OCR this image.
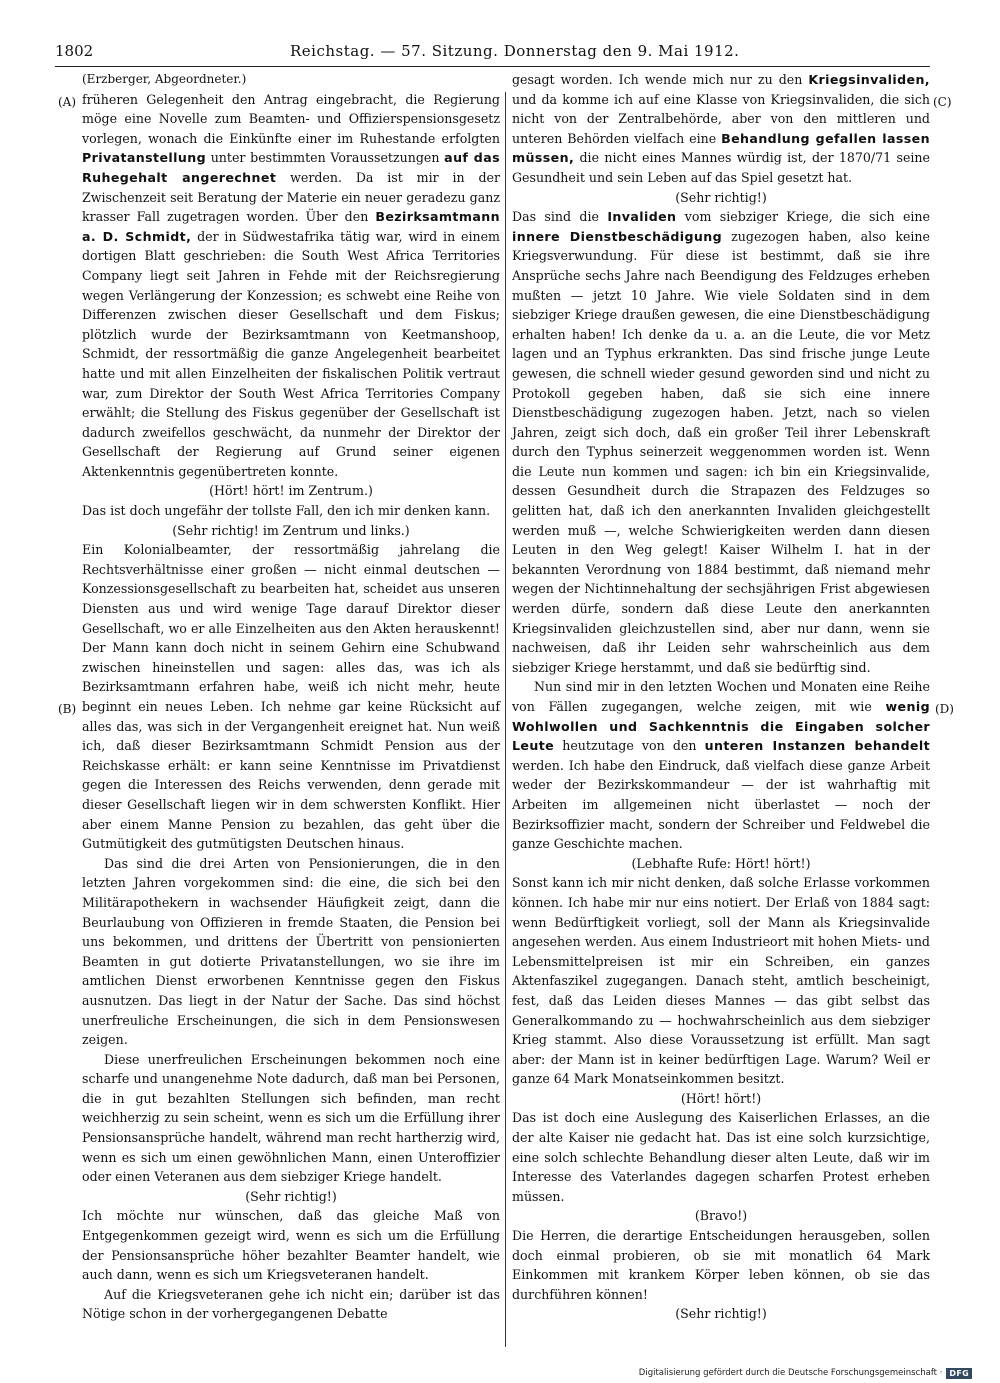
1802	Reichstag. — 57. Sitzung. Donnerstag den 9. Mai 1912.

(Erzberger, Abgeordneter.)

früheren Gelegenheit den Antrag eingebracht, die Regierung möge eine Novelle zum Beamten- und Offizierspensionsgesetz vorlegen, wonach die Einkünfte einer im Ruhestande erfolgten Privatanstellung unter bestimmten Voraussetzungen auf das Ruhegehalt angerechnet werden. Da ist mir in der Zwischenzeit seit Beratung der Materie ein neuer geradezu ganz krasser Fall zugetragen worden. Über den Bezirksamtmann a. D. Schmidt, der in Südwestafrika tätig war, wird in einem dortigen Blatt geschrieben: die South West Africa Territories Company liegt seit Jahren in Fehde mit der Reichsregierung wegen Verlängerung der Konzession; es schwebt eine Reihe von Differenzen zwischen dieser Gesellschaft und dem Fiskus; plötzlich wurde der Bezirksamtmann von Keetmanshoop, Schmidt, der ressortmäßig die ganze Angelegenheit bearbeitet hatte und mit allen Einzelheiten der fiskalischen Politik vertraut war, zum Direktor der South West Africa Territories Company erwählt; die Stellung des Fiskus gegenüber der Gesellschaft ist dadurch zweifellos geschwächt, da nunmehr der Direktor der Gesellschaft der Regierung auf Grund seiner eigenen Aktenkenntnis gegenübertreten konnte.

(Hört! hört! im Zentrum.)

Das ist doch ungefähr der tollste Fall, den ich mir denken kann.

(Sehr richtig! im Zentrum und links.)

Ein Kolonialbeamter, der ressortmäßig jahrelang die Rechtsverhältnisse einer großen — nicht einmal deutschen — Konzessionsgesellschaft zu bearbeiten hat, scheidet aus unseren Diensten aus und wird wenige Tage darauf Direktor dieser Gesellschaft, wo er alle Einzelheiten aus den Akten herauskennt! Der Mann kann doch nicht in seinem Gehirn eine Schubwand zwischen hineinstellen und sagen: alles das, was ich als Bezirksamtmann erfahren habe, weiß ich nicht mehr, heute beginnt ein neues Leben. Ich nehme gar keine Rücksicht auf alles das, was sich in der Vergangenheit ereignet hat. Nun weiß ich, daß dieser Bezirksamtmann Schmidt Pension aus der Reichskasse erhält: er kann seine Kenntnisse im Privatdienst gegen die Interessen des Reichs verwenden, denn gerade mit dieser Gesellschaft liegen wir in dem schwersten Konflikt. Hier aber einem Manne Pension zu bezahlen, das geht über die Gutmütigkeit des gutmütigsten Deutschen hinaus.

Das sind die drei Arten von Pensionierungen, die in den letzten Jahren vorgekommen sind: die eine, die sich bei den Militärapothekern in wachsender Häufigkeit zeigt, dann die Beurlaubung von Offizieren in fremde Staaten, die Pension bei uns bekommen, und drittens der Übertritt von pensionierten Beamten in gut dotierte Privatanstellungen, wo sie ihre im amtlichen Dienst erworbenen Kenntnisse gegen den Fiskus ausnutzen. Das liegt in der Natur der Sache. Das sind höchst unerfreuliche Erscheinungen, die sich in dem Pensionswesen zeigen.

Diese unerfreulichen Erscheinungen bekommen noch eine scharfe und unangenehme Note dadurch, daß man bei Personen, die in gut bezahlten Stellungen sich befinden, man recht weichherzig zu sein scheint, wenn es sich um die Erfüllung ihrer Pensionsansprüche handelt, während man recht hartherzig wird, wenn es sich um einen gewöhnlichen Mann, einen Unteroffizier oder einen Veteranen aus dem siebziger Kriege handelt.

(Sehr richtig!)

Ich möchte nur wünschen, daß das gleiche Maß von Entgegenkommen gezeigt wird, wenn es sich um die Erfüllung der Pensionsansprüche höher bezahlter Beamter handelt, wie auch dann, wenn es sich um Kriegsveteranen handelt.

Auf die Kriegsveteranen gehe ich nicht ein; darüber ist das Nötige schon in der vorhergegangenen Debatte

gesagt worden. Ich wende mich nur zu den Kriegsinvaliden, und da komme ich auf eine Klasse von Kriegsinvaliden, die sich nicht von der Zentralbehörde, aber von den mittleren und unteren Behörden vielfach eine Behandlung gefallen lassen müssen, die nicht eines Mannes würdig ist, der 1870/71 seine Gesundheit und sein Leben auf das Spiel gesetzt hat.

(Sehr richtig!)

Das sind die Invaliden vom siebziger Kriege, die sich eine innere Dienstbeschädigung zugezogen haben, also keine Kriegsverwundung. Für diese ist bestimmt, daß sie ihre Ansprüche sechs Jahre nach Beendigung des Feldzuges erheben mußten — jetzt 10 Jahre. Wie viele Soldaten sind in dem siebziger Kriege draußen gewesen, die eine Dienstbeschädigung erhalten haben! Ich denke da u. a. an die Leute, die vor Metz lagen und an Typhus erkrankten. Das sind frische junge Leute gewesen, die schnell wieder gesund geworden sind und nicht zu Protokoll gegeben haben, daß sie sich eine innere Dienstbeschädigung zugezogen haben. Jetzt, nach so vielen Jahren, zeigt sich doch, daß ein großer Teil ihrer Lebenskraft durch den Typhus seinerzeit weggenommen worden ist. Wenn die Leute nun kommen und sagen: ich bin ein Kriegsinvalide, dessen Gesundheit durch die Strapazen des Feldzuges so gelitten hat, daß ich den anerkannten Invaliden gleichgestellt werden muß —, welche Schwierigkeiten werden dann diesen Leuten in den Weg gelegt! Kaiser Wilhelm I. hat in der bekannten Verordnung von 1884 bestimmt, daß niemand mehr wegen der Nichtinnehaltung der sechsjährigen Frist abgewiesen werden dürfe, sondern daß diese Leute den anerkannten Kriegsinvaliden gleichzustellen sind, aber nur dann, wenn sie nachweisen, daß ihr Leiden sehr wahrscheinlich aus dem siebziger Kriege herstammt, und daß sie bedürftig sind.

Nun sind mir in den letzten Wochen und Monaten eine Reihe von Fällen zugegangen, welche zeigen, mit wie wenig Wohlwollen und Sachkenntnis die Eingaben solcher Leute heutzutage von den unteren Instanzen behandelt werden. Ich habe den Eindruck, daß vielfach diese ganze Arbeit weder der Bezirkskommandeur — der ist wahrhaftig mit Arbeiten im allgemeinen nicht überlastet — noch der Bezirksoffizier macht, sondern der Schreiber und Feldwebel die ganze Geschichte machen.

(Lebhafte Rufe: Hört! hört!)

Sonst kann ich mir nicht denken, daß solche Erlasse vorkommen können. Ich habe mir nur eins notiert. Der Erlaß von 1884 sagt: wenn Bedürftigkeit vorliegt, soll der Mann als Kriegsinvalide angesehen werden. Aus einem Industrieort mit hohen Miets- und Lebensmittelpreisen ist mir ein Schreiben, ein ganzes Aktenfaszikel zugegangen. Danach steht, amtlich bescheinigt, fest, daß das Leiden dieses Mannes — das gibt selbst das Generalkommando zu — hochwahrscheinlich aus dem siebziger Krieg stammt. Also diese Voraussetzung ist erfüllt. Man sagt aber: der Mann ist in keiner bedürftigen Lage. Warum? Weil er ganze 64 Mark Monatseinkommen besitzt.

(Hört! hört!)

Das ist doch eine Auslegung des Kaiserlichen Erlasses, an die der alte Kaiser nie gedacht hat. Das ist eine solch kurzsichtige, eine solch schlechte Behandlung dieser alten Leute, daß wir im Interesse des Vaterlandes dagegen scharfen Protest erheben müssen.

(Bravo!)

Die Herren, die derartige Entscheidungen herausgeben, sollen doch einmal probieren, ob sie mit monatlich 64 Mark Einkommen mit krankem Körper leben können, ob sie das durchführen können!

(Sehr richtig!)

(A)
(B)
(C)
(D)
Digitalisierung gefördert durch die Deutsche Forschungsgemeinschaft · DFG
